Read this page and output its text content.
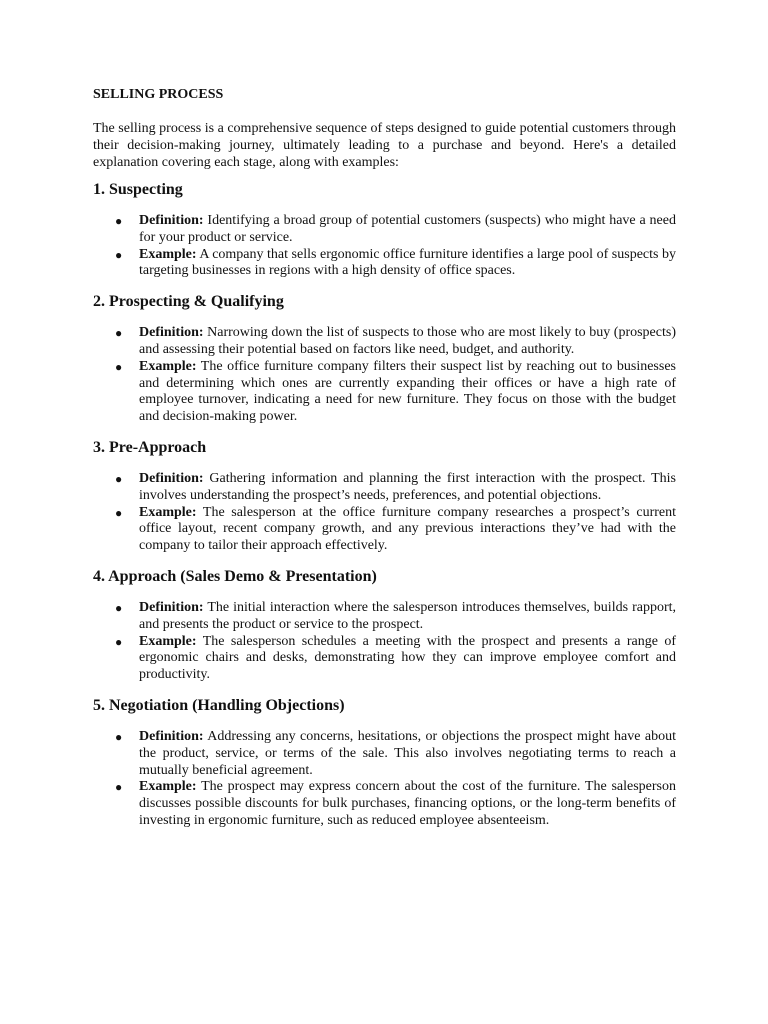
SELLING PROCESS

The selling process is a comprehensive sequence of steps designed to guide potential customers through their decision-making journey, ultimately leading to a purchase and beyond. Here's a detailed explanation covering each stage, along with examples:

1. Suspecting
● Definition: Identifying a broad group of potential customers (suspects) who might have a need for your product or service.
● Example: A company that sells ergonomic office furniture identifies a large pool of suspects by targeting businesses in regions with a high density of office spaces.
2. Prospecting & Qualifying
● Definition: Narrowing down the list of suspects to those who are most likely to buy (prospects) and assessing their potential based on factors like need, budget, and authority.
● Example: The office furniture company filters their suspect list by reaching out to businesses and determining which ones are currently expanding their offices or have a high rate of employee turnover, indicating a need for new furniture. They focus on those with the budget and decision-making power.
3. Pre-Approach
● Definition: Gathering information and planning the first interaction with the prospect. This involves understanding the prospect’s needs, preferences, and potential objections.
● Example: The salesperson at the office furniture company researches a prospect’s current office layout, recent company growth, and any previous interactions they’ve had with the company to tailor their approach effectively.
4. Approach (Sales Demo & Presentation)
● Definition: The initial interaction where the salesperson introduces themselves, builds rapport, and presents the product or service to the prospect.
● Example: The salesperson schedules a meeting with the prospect and presents a range of ergonomic chairs and desks, demonstrating how they can improve employee comfort and productivity.
5. Negotiation (Handling Objections)
● Definition: Addressing any concerns, hesitations, or objections the prospect might have about the product, service, or terms of the sale. This also involves negotiating terms to reach a mutually beneficial agreement.
● Example: The prospect may express concern about the cost of the furniture. The salesperson discusses possible discounts for bulk purchases, financing options, or the long-term benefits of investing in ergonomic furniture, such as reduced employee absenteeism.
